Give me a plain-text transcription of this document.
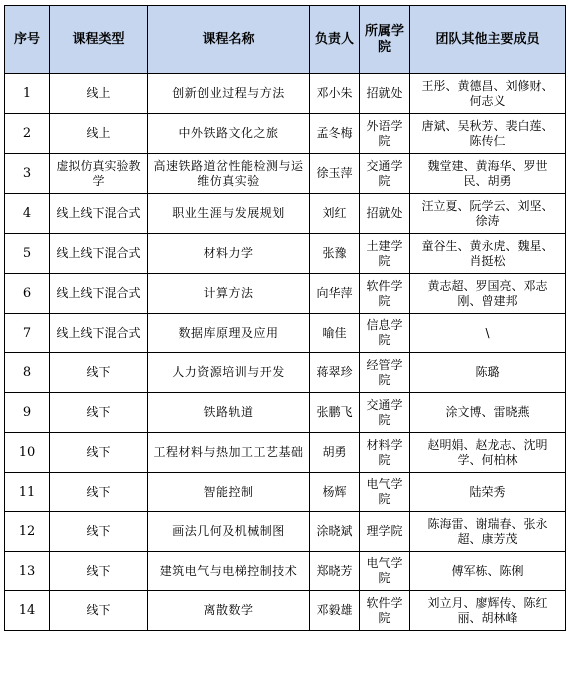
序号	课程类型	课程名称	负责人	所属学院	团队其他主要成员
1	线上	创新创业过程与方法	邓小朱	招就处	王彤、黄德昌、刘修财、何志义
2	线上	中外铁路文化之旅	孟冬梅	外语学院	唐斌、吴秋芳、裴白莲、陈传仁
3	虚拟仿真实验教学	高速铁路道岔性能检测与运维仿真实验	徐玉萍	交通学院	魏堂建、黄海华、罗世民、胡勇
4	线上线下混合式	职业生涯与发展规划	刘红	招就处	汪立夏、阮学云、刘坚、徐涛
5	线上线下混合式	材料力学	张豫	土建学院	童谷生、黄永虎、魏星、肖挺松
6	线上线下混合式	计算方法	向华萍	软件学院	黄志超、罗国亮、邓志刚、曾建邦
7	线上线下混合式	数据库原理及应用	喻佳	信息学院	\
8	线下	人力资源培训与开发	蒋翠珍	经管学院	陈璐
9	线下	铁路轨道	张鹏飞	交通学院	涂文博、雷晓燕
10	线下	工程材料与热加工工艺基础	胡勇	材料学院	赵明娟、赵龙志、沈明学、何柏林
11	线下	智能控制	杨辉	电气学院	陆荣秀
12	线下	画法几何及机械制图	涂晓斌	理学院	陈海雷、谢瑞春、张永超、康芳茂
13	线下	建筑电气与电梯控制技术	郑晓芳	电气学院	傅军栋、陈俐
14	线下	离散数学	邓毅雄	软件学院	刘立月、廖辉传、陈红丽、胡林峰
